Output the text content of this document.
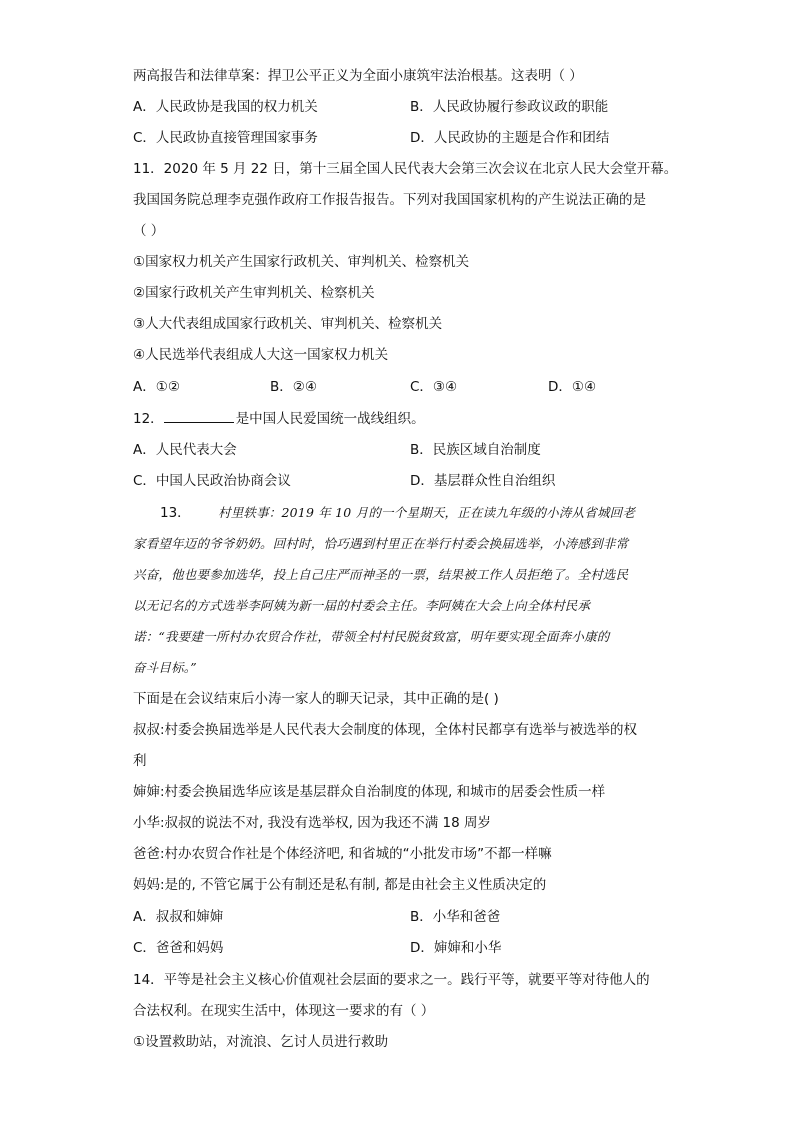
两高报告和法律草案：捍卫公平正义为全面小康筑牢法治根基。这表明（ ）
A．人民政协是我国的权力机关	B．人民政协履行参政议政的职能
C．人民政协直接管理国家事务	D．人民政协的主题是合作和团结
11．2020 年 5 月 22 日，第十三届全国人民代表大会第三次会议在北京人民大会堂开幕。
我国国务院总理李克强作政府工作报告报告。下列对我国国家机构的产生说法正确的是
（ ）
①国家权力机关产生国家行政机关、审判机关、检察机关
②国家行政机关产生审判机关、检察机关
③人大代表组成国家行政机关、审判机关、检察机关
④人民选举代表组成人大这一国家权力机关
A．①②	B．②④	C．③④	D．①④
12．	是中国人民爱国统一战线组织。
A．人民代表大会	B．民族区域自治制度
C．中国人民政治协商会议	D．基层群众性自治组织
13． 村里轶事：2019 年 10 月的一个星期天，正在读九年级的小涛从省城回老
家看望年迈的爷爷奶奶。回村时，恰巧遇到村里正在举行村委会换届选举，小涛感到非常
兴奋，他也要参加选华，投上自己庄严而神圣的一票，结果被工作人员拒绝了。全村选民
以无记名的方式选举李阿姨为新一届的村委会主任。李阿姨在大会上向全体村民承
诺：“我要建一所村办农贸合作社，带领全村村民脱贫致富，明年要实现全面奔小康的
奋斗目标。”
下面是在会议结束后小涛一家人的聊天记录，其中正确的是( )
叔叔:村委会换届选举是人民代表大会制度的体现，全体村民都享有选举与被选举的权
利
婶婶:村委会换届选华应该是基层群众自治制度的体现, 和城市的居委会性质一样
小华:叔叔的说法不对, 我没有选举权, 因为我还不满 18 周岁
爸爸:村办农贸合作社是个体经济吧, 和省城的“小批发市场”不都一样嘛
妈妈:是的, 不管它属于公有制还是私有制, 都是由社会主义性质决定的
A．叔叔和婶婶	B．小华和爸爸
C．爸爸和妈妈	D．婶婶和小华
14．平等是社会主义核心价值观社会层面的要求之一。践行平等，就要平等对待他人的
合法权利。在现实生活中，体现这一要求的有（ ）
①设置救助站，对流浪、乞讨人员进行救助
